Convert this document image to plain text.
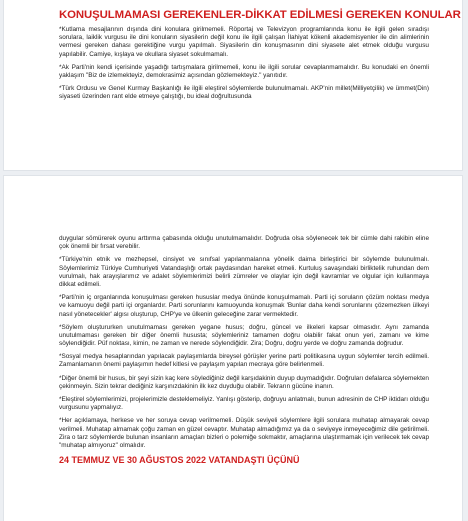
KONUŞULMAMASI GEREKENLER-DİKKAT EDİLMESİ GEREKEN KONULAR

*Kutlama mesajlarının dışında dini konulara girilmemeli. Röportaj ve Televizyon programlarında konu ile ilgili gelen sıradışı sorulara, laiklik vurgusu ile dini konuların siyasilerin değil konu ile ilgili çalışan İlahiyat kökenli akademisyenler ile din alimlerinin vermesi gereken dahası gerektiğine vurgu yapılmalı. Siyasilerin din konuşmasının dini siyasete alet etmek olduğu vurgusu yapılabilir. Camiye, kışlaya ve okullara siyaset sokulmamalı.

*Ak Parti'nin kendi içerisinde yaşadığı tartışmalara girilmemeli, konu ile ilgili sorular cevaplanmamalıdır. Bu konudaki en önemli yaklaşım "Biz de izlemekteyiz, demokrasimiz açısından gözlemekteyiz." yanıtıdır.

*Türk Ordusu ve Genel Kurmay Başkanlığı ile ilgili eleştirel söylemlerde bulunulmamalı. AKP'nin millet(Milliyetçilik) ve ümmet(Din) siyaseti üzerinden rant elde etmeye çalıştığı, bu ideal doğrultusunda

duygular sömürerek oyunu arttırma çabasında olduğu unutulmamalıdır. Doğruda olsa söylenecek tek bir cümle dahi rakibin eline çok önemli bir fırsat verebilir.

*Türkiye'nin etnik ve mezhepsel, cinsiyet ve sınıfsal yapılanmalarına yönelik daima birleştirici bir söylemde bulunulmalı. Söylemlerimiz Türkiye Cumhuriyeti Vatandaşlığı ortak paydasından hareket etmeli. Kurtuluş savaşındaki birliktelik ruhundan dem vurulmalı, hak arayışlarımız ve adalet söylemlerimizi belirli zümreler ve olaylar için değil kavramlar ve olgular için kullanmaya dikkat edilmeli.

*Parti'nin iç organlarında konuşulması gereken hususlar medya önünde konuşulmamalı. Parti içi soruların çözüm noktası medya ve kamuoyu değil parti içi organlardır. Parti sorunlarını kamuoyunda konuşmak 'Bunlar daha kendi sorunlarını çözemezken ülkeyi nasıl yönetecekler' algısı oluşturup, CHP'ye ve ülkenin geleceğine zarar vermektedir.

*Söylem oluştururken unutulmaması gereken yegane husus; doğru, güncel ve ilkeleri kapsar olmasıdır. Aynı zamanda unutulmaması gereken bir diğer önemli hususta; söylemleriniz tamamen doğru olabilir fakat onun yeri, zamanı ve kime söylendiğidir. Püf noktası, kimin, ne zaman ve nerede söylendiğidir. Zira; Doğru, doğru yerde ve doğru zamanda doğrudur.

*Sosyal medya hesaplarından yapılacak paylaşımlarda bireysel görüşler yerine parti politikasına uygun söylemler tercih edilmeli. Zamanlamanın önemi paylaşımın hedef kitlesi ve paylaşım yapılan mecraya göre belirlenmeli.

*Diğer önemli bir husus, bir şeyi sizin kaç kere söylediğiniz değil karşıdakinin duyup duymadığıdır. Doğruları defalarca söylemekten çekinmeyin. Sizin tekrar dediğiniz karşınızdakinin ilk kez duyduğu olabilir. Tekrarın gücüne inanın.

*Eleştirel söylemlerimizi, projelerimizle desteklemeliyiz. Yanlışı gösterip, doğruyu anlatmalı, bunun adresinin de CHP iktidarı olduğu vurgusunu yapmalıyız.

*Her açıklamaya, herkese ve her soruya cevap verilmemeli. Düşük seviyeli söylemlere ilgili sorulara muhatap almayarak cevap verilmeli. Muhatap almamak çoğu zaman en güzel cevaptır. Muhatap almadığımız ya da o seviyeye inmeyeceğimiz dile getirilmeli. Zira o tarz söylemlerde bulunan insanların amaçları bizleri o polemiğe sokmaktır, amaçlarına ulaştırmamak için verilecek tek cevap "muhatap almıyoruz" olmalıdır.

24 TEMMUZ VE 30 AĞUSTOS 2022 VATANDAŞTI ÜÇÜNÜ
